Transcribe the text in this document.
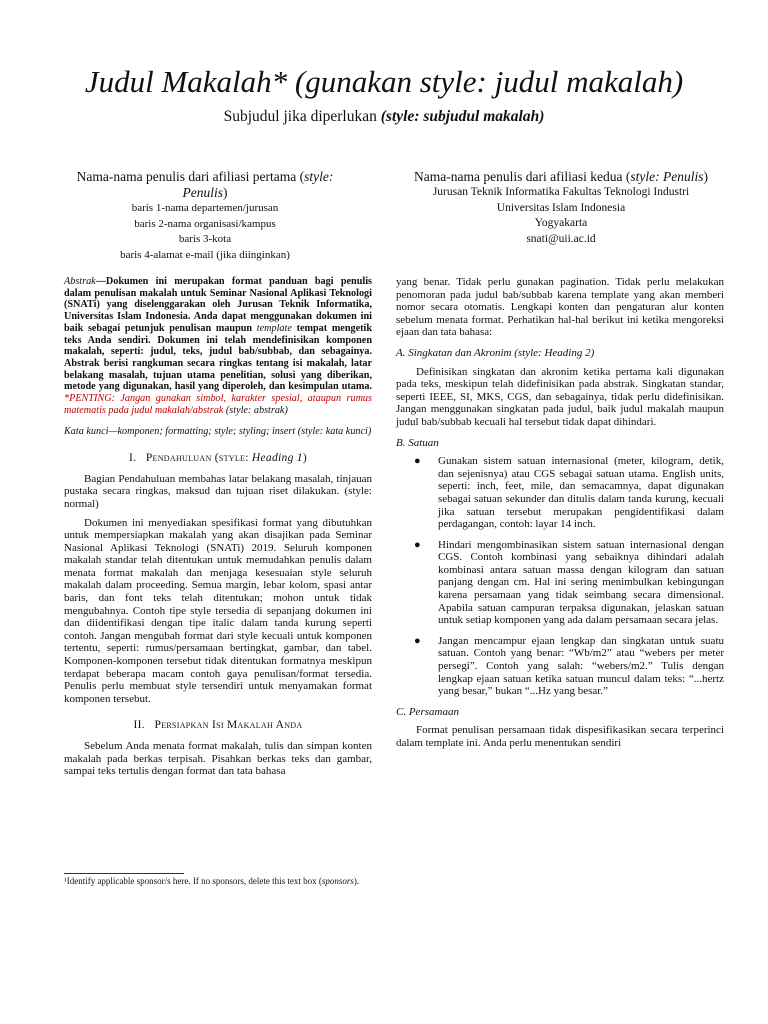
Judul Makalah* (gunakan style: judul makalah)
Subjudul jika diperlukan (style: subjudul makalah)
Nama-nama penulis dari afiliasi pertama (style:
Penulis)
baris 1-nama departemen/jurusan
baris 2-nama organisasi/kampus
baris 3-kota
baris 4-alamat e-mail (jika diinginkan)
Nama-nama penulis dari afiliasi kedua (style: Penulis)
Jurusan Teknik Informatika Fakultas Teknologi Industri
Universitas Islam Indonesia
Yogyakarta
snati@uii.ac.id
Abstrak—Dokumen ini merupakan format panduan bagi penulis dalam penulisan makalah untuk Seminar Nasional Aplikasi Teknologi (SNATi) yang diselenggarakan oleh Jurusan Teknik Informatika, Universitas Islam Indonesia. Anda dapat menggunakan dokumen ini baik sebagai petunjuk penulisan maupun template tempat mengetik teks Anda sendiri. Dokumen ini telah mendefinisikan komponen makalah, seperti: judul, teks, judul bab/subbab, dan sebagainya. Abstrak berisi rangkuman secara ringkas tentang isi makalah, latar belakang masalah, tujuan utama penelitian, solusi yang diberikan, metode yang digunakan, hasil yang diperoleh, dan kesimpulan utama. *PENTING: Jangan gunakan simbol, karakter spesial, ataupun rumus matematis pada judul makalah/abstrak (style: abstrak)
Kata kunci—komponen; formatting; style; styling; insert (style: kata kunci)
I. Pendahuluan (style: Heading 1)

Bagian Pendahuluan membahas latar belakang masalah, tinjauan pustaka secara ringkas, maksud dan tujuan riset dilakukan. (style: normal)

Dokumen ini menyediakan spesifikasi format yang dibutuhkan untuk mempersiapkan makalah yang akan disajikan pada Seminar Nasional Aplikasi Teknologi (SNATi) 2019. Seluruh komponen makalah standar telah ditentukan untuk memudahkan penulis dalam menata format makalah dan menjaga kesesuaian style seluruh makalah dalam proceeding. Semua margin, lebar kolom, spasi antar baris, dan font teks telah ditentukan; mohon untuk tidak mengubahnya. Contoh tipe style tersedia di sepanjang dokumen ini dan diidentifikasi dengan tipe italic dalam tanda kurung seperti contoh. Jangan mengubah format dari style kecuali untuk komponen tertentu, seperti: rumus/persamaan bertingkat, gambar, dan tabel. Komponen-komponen tersebut tidak ditentukan formatnya meskipun terdapat beberapa macam contoh gaya penulisan/format tersedia. Penulis perlu membuat style tersendiri untuk menyamakan format komponen tersebut.

II. Persiapkan Isi Makalah Anda

Sebelum Anda menata format makalah, tulis dan simpan konten makalah pada berkas terpisah. Pisahkan berkas teks dan gambar, sampai teks tertulis dengan format dan tata bahasa

yang benar. Tidak perlu gunakan pagination. Tidak perlu melakukan penomoran pada judul bab/subbab karena template yang akan memberi nomor secara otomatis. Lengkapi konten dan pengaturan alur konten sebelum menata format. Perhatikan hal-hal berikut ini ketika mengoreksi ejaan dan tata bahasa:

A. Singkatan dan Akronim (style: Heading 2)

Definisikan singkatan dan akronim ketika pertama kali digunakan pada teks, meskipun telah didefinisikan pada abstrak. Singkatan standar, seperti IEEE, SI, MKS, CGS, dan sebagainya, tidak perlu didefinisikan. Jangan menggunakan singkatan pada judul, baik judul makalah maupun judul bab/subbab kecuali hal tersebut tidak dapat dihindari.

B. Satuan
● Gunakan sistem satuan internasional (meter, kilogram, detik, dan sejenisnya) atau CGS sebagai satuan utama. English units, seperti: inch, feet, mile, dan semacamnya, dapat digunakan sebagai satuan sekunder dan ditulis dalam tanda kurung, kecuali jika satuan tersebut merupakan pengidentifikasi dalam perdagangan, contoh: layar 14 inch.
● Hindari mengombinasikan sistem satuan internasional dengan CGS. Contoh kombinasi yang sebaiknya dihindari adalah kombinasi antara satuan massa dengan kilogram dan satuan panjang dengan cm. Hal ini sering menimbulkan kebingungan karena persamaan yang tidak seimbang secara dimensional. Apabila satuan campuran terpaksa digunakan, jelaskan satuan untuk setiap komponen yang ada dalam persamaan secara jelas.
● Jangan mencampur ejaan lengkap dan singkatan untuk suatu satuan. Contoh yang benar: “Wb/m2” atau “webers per meter persegi”. Contoh yang salah: “webers/m2.” Tulis dengan lengkap ejaan satuan ketika satuan muncul dalam teks: “...hertz yang besar,” bukan “...Hz yang besar.”
C. Persamaan

Format penulisan persamaan tidak dispesifikasikan secara terperinci dalam template ini. Anda perlu menentukan sendiri

¹Identify applicable sponsor/s here. If no sponsors, delete this text box (sponsors).
